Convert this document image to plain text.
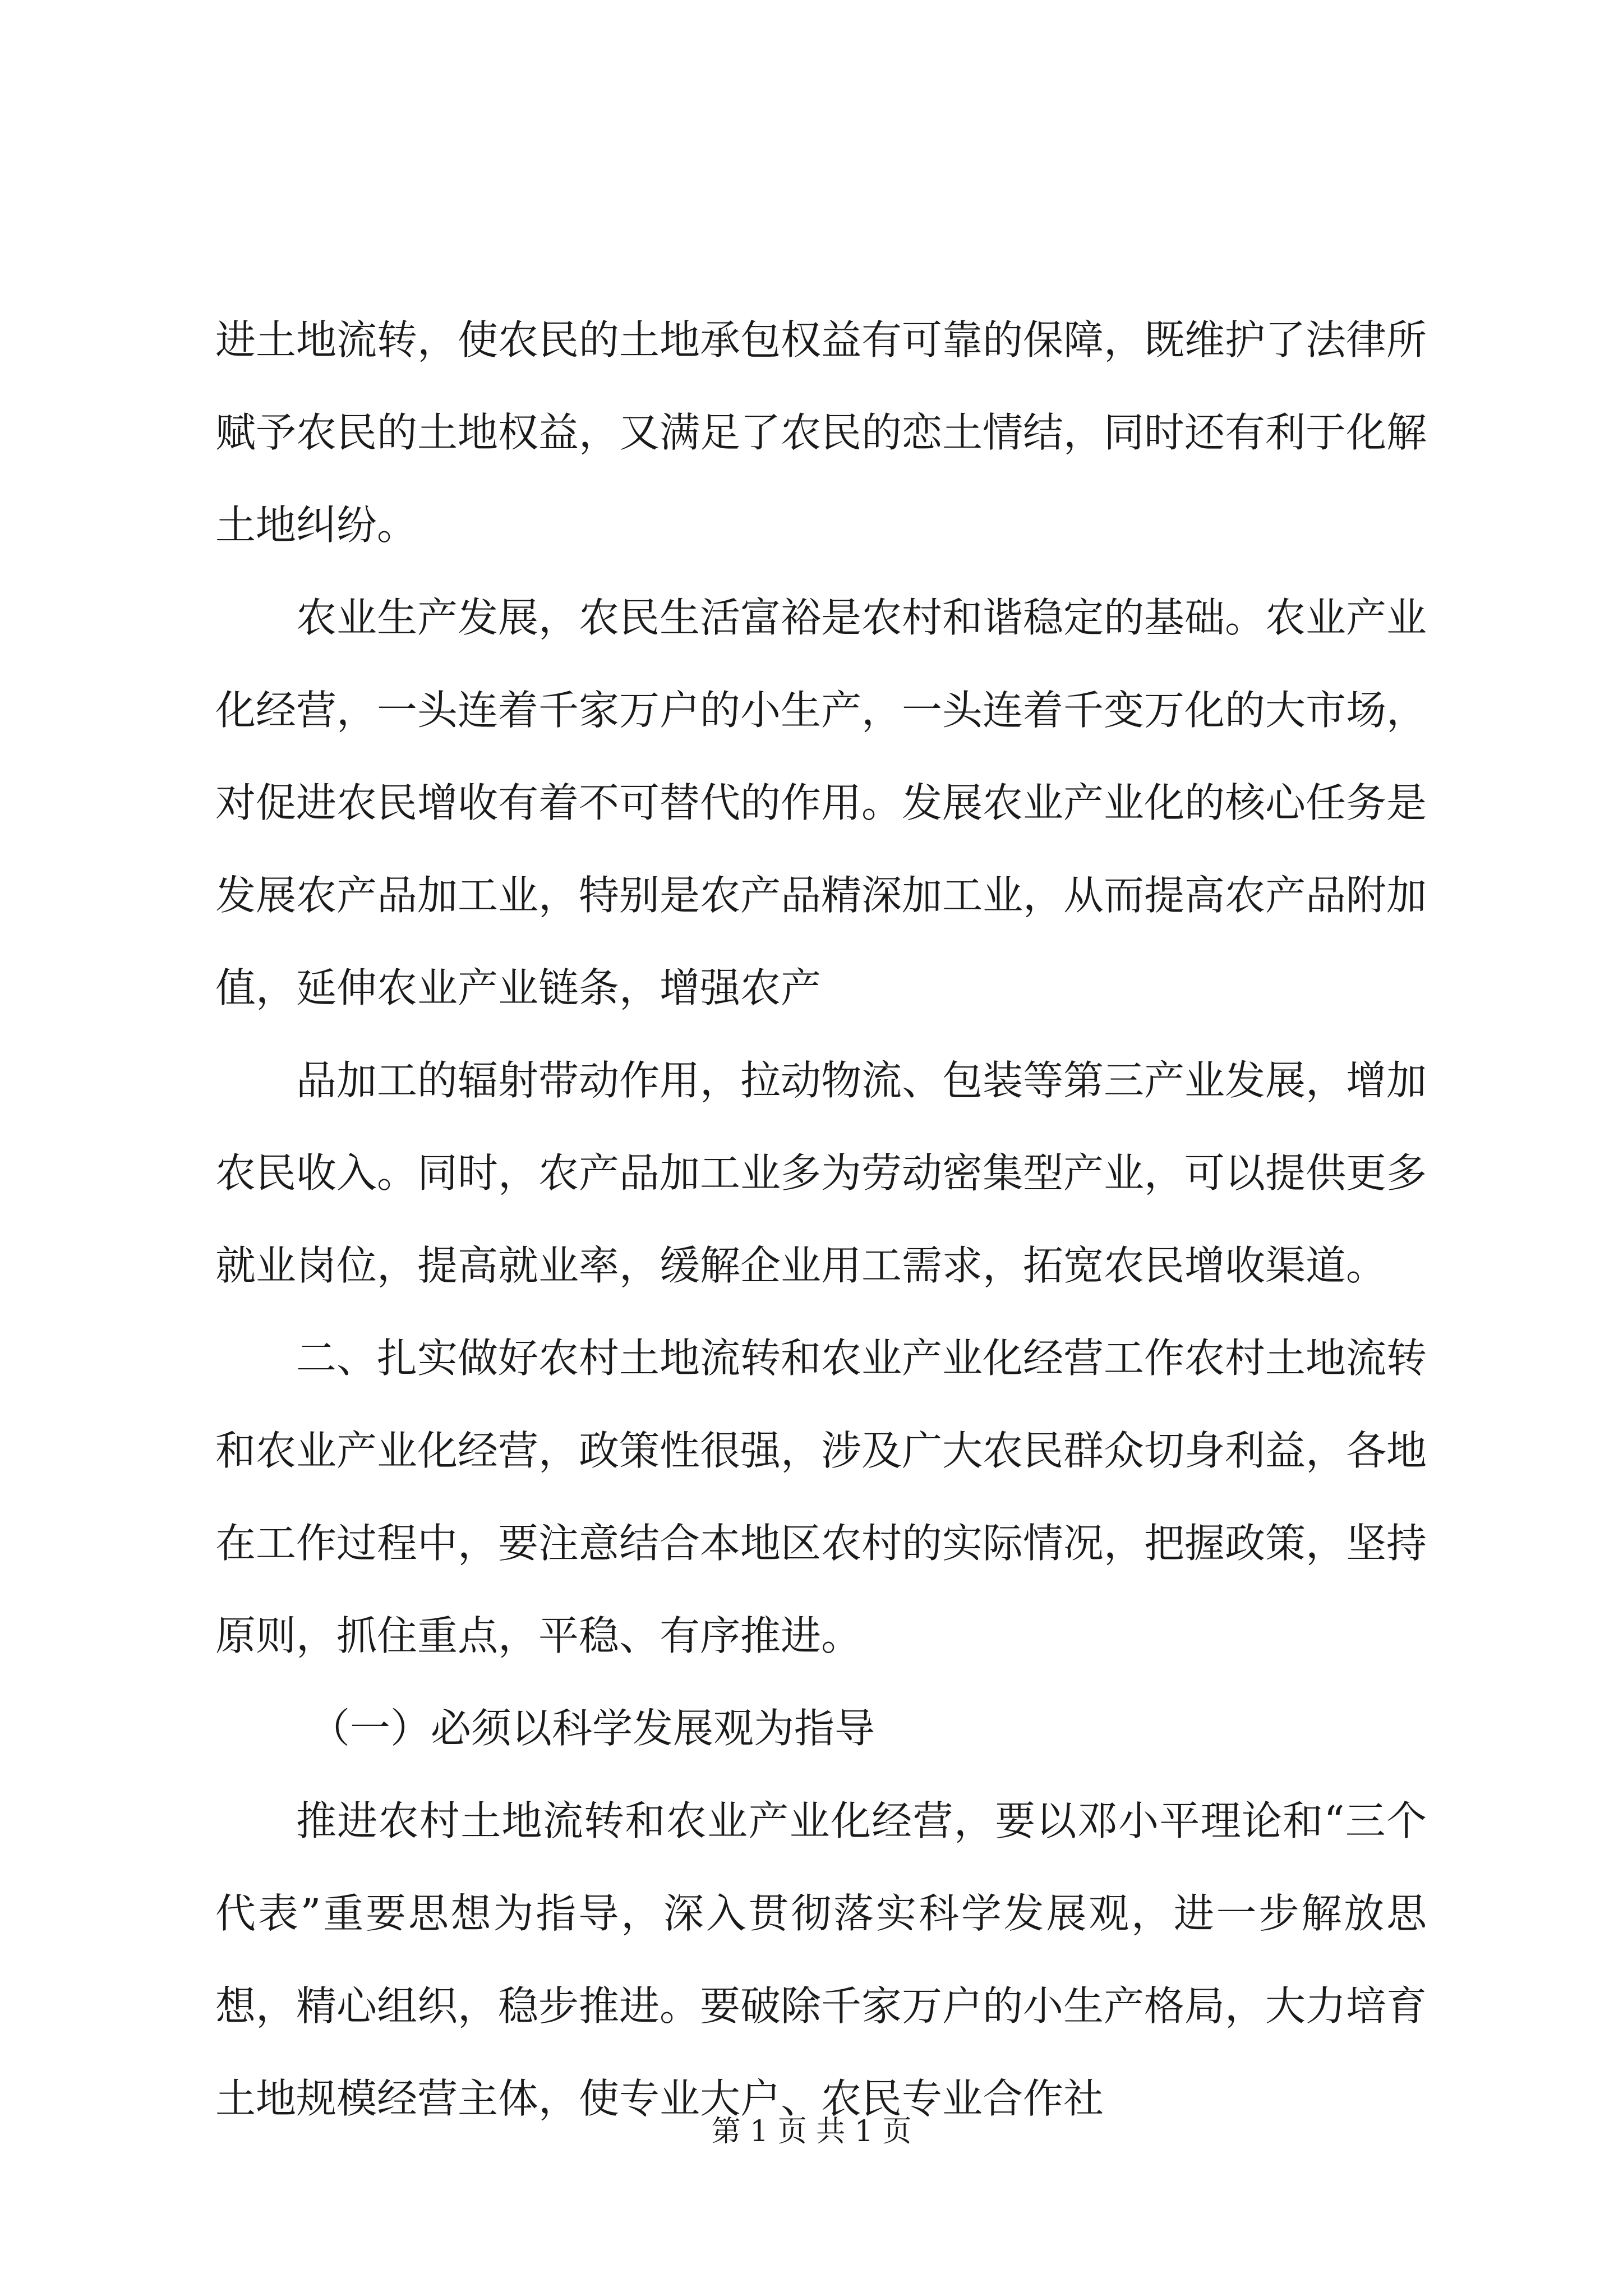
进土地流转，使农民的土地承包权益有可靠的保障，既维护了法律所赋予农民的土地权益，又满足了农民的恋土情结，同时还有利于化解土地纠纷。

农业生产发展，农民生活富裕是农村和谐稳定的基础。农业产业化经营，一头连着千家万户的小生产，一头连着千变万化的大市场，对促进农民增收有着不可替代的作用。发展农业产业化的核心任务是发展农产品加工业，特别是农产品精深加工业，从而提高农产品附加值，延伸农业产业链条，增强农产

品加工的辐射带动作用，拉动物流、包装等第三产业发展，增加农民收入。同时，农产品加工业多为劳动密集型产业，可以提供更多就业岗位，提高就业率，缓解企业用工需求，拓宽农民增收渠道。

二、扎实做好农村土地流转和农业产业化经营工作农村土地流转和农业产业化经营，政策性很强，涉及广大农民群众切身利益，各地在工作过程中，要注意结合本地区农村的实际情况，把握政策，坚持原则，抓住重点，平稳、有序推进。

（一）必须以科学发展观为指导

推进农村土地流转和农业产业化经营，要以邓小平理论和“三个代表”重要思想为指导，深入贯彻落实科学发展观，进一步解放思想，精心组织，稳步推进。要破除千家万户的小生产格局，大力培育土地规模经营主体，使专业大户、农民专业合作社

第 1 页 共 1 页
